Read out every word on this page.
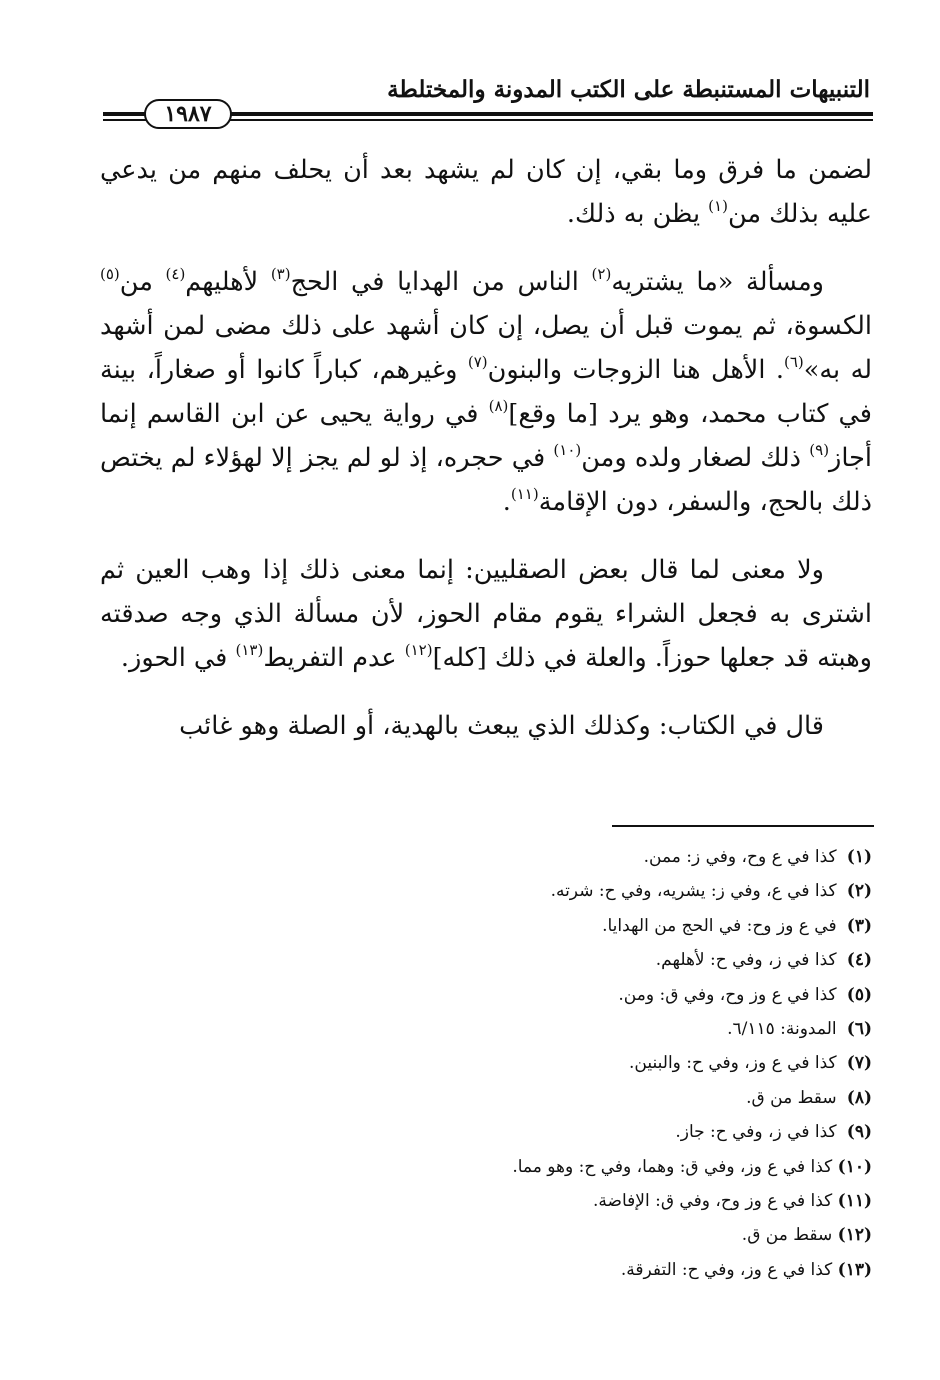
التنبيهات المستنبطة على الكتب المدونة والمختلطة
١٩٨٧

لضمن ما فرق وما بقي، إن كان لم يشهد بعد أن يحلف منهم من يدعي عليه بذلك من$^{(١)}$ يظن به ذلك.

ومسألة «ما يشتريه$^{(٢)}$ الناس من الهدايا في الحج$^{(٣)}$ لأهليهم$^{(٤)}$ من$^{(٥)}$ الكسوة، ثم يموت قبل أن يصل، إن كان أشهد على ذلك مضى لمن أشهد له به»$^{(٦)}$. الأهل هنا الزوجات والبنون$^{(٧)}$ وغيرهم، كباراً كانوا أو صغاراً، بينة في كتاب محمد، وهو يرد [ما وقع]$^{(٨)}$ في رواية يحيى عن ابن القاسم إنما أجاز$^{(٩)}$ ذلك لصغار ولده ومن$^{(١٠)}$ في حجره، إذ لو لم يجز إلا لهؤلاء لم يختص ذلك بالحج، والسفر، دون الإقامة$^{(١١)}$.

ولا معنى لما قال بعض الصقليين: إنما معنى ذلك إذا وهب العين ثم اشترى به فجعل الشراء يقوم مقام الحوز، لأن مسألة الذي وجه صدقته وهبته قد جعلها حوزاً. والعلة في ذلك [كله]$^{(١٢)}$ عدم التفريط$^{(١٣)}$ في الحوز.

قال في الكتاب: وكذلك الذي يبعث بالهدية، أو الصلة وهو غائب

(١) كذا في ع وح، وفي ز: ممن.
(٢) كذا في ع، وفي ز: يشريه، وفي ح: شرته.
(٣) في ع وز وح: في الحج من الهدايا.
(٤) كذا في ز، وفي ح: لأهلهم.
(٥) كذا في ع وز وح، وفي ق: ومن.
(٦) المدونة: ٦/١١٥.
(٧) كذا في ع وز، وفي ح: والبنين.
(٨) سقط من ق.
(٩) كذا في ز، وفي ح: جاز.
(١٠) كذا في ع وز، وفي ق: وهما، وفي ح: وهو مما.
(١١) كذا في ع وز وح، وفي ق: الإفاضة.
(١٢) سقط من ق.
(١٣) كذا في ع وز، وفي ح: التفرقة.
